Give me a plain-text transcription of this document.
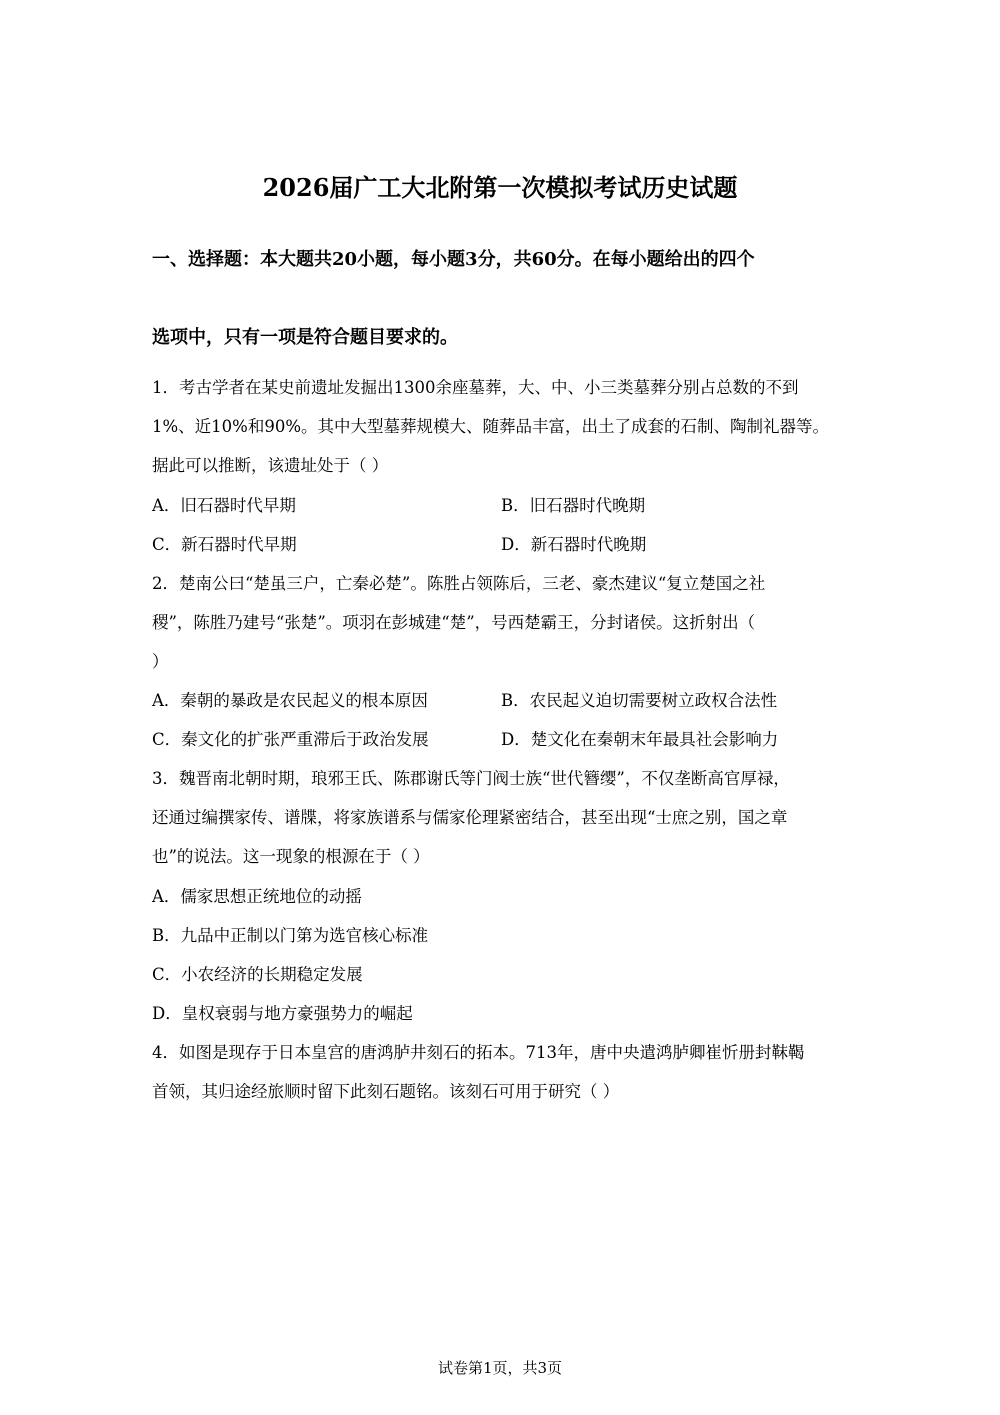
2026届广工大北附第一次模拟考试历史试题
一、选择题：本大题共20小题，每小题3分，共60分。在每小题给出的四个
选项中，只有一项是符合题目要求的。
1．考古学者在某史前遗址发掘出1300余座墓葬，大、中、小三类墓葬分别占总数的不到
1%、近10%和90%。其中大型墓葬规模大、随葬品丰富，出土了成套的石制、陶制礼器等。
据此可以推断，该遗址处于（ ）
A．旧石器时代早期	B．旧石器时代晚期
C．新石器时代早期	D．新石器时代晚期
2．楚南公曰“楚虽三户，亡秦必楚”。陈胜占领陈后，三老、豪杰建议“复立楚国之社
稷”，陈胜乃建号“张楚”。项羽在彭城建“楚”，号西楚霸王，分封诸侯。这折射出（
）
A．秦朝的暴政是农民起义的根本原因	B．农民起义迫切需要树立政权合法性
C．秦文化的扩张严重滞后于政治发展	D．楚文化在秦朝末年最具社会影响力
3．魏晋南北朝时期，琅邪王氏、陈郡谢氏等门阀士族“世代簪缨”，不仅垄断高官厚禄，
还通过编撰家传、谱牒，将家族谱系与儒家伦理紧密结合，甚至出现“士庶之别，国之章
也”的说法。这一现象的根源在于（ ）
A．儒家思想正统地位的动摇
B．九品中正制以门第为选官核心标准
C．小农经济的长期稳定发展
D．皇权衰弱与地方豪强势力的崛起
4．如图是现存于日本皇宫的唐鸿胪井刻石的拓本。713年，唐中央遣鸿胪卿崔忻册封靺鞨
首领，其归途经旅顺时留下此刻石题铭。该刻石可用于研究（ ）
试卷第1页，共3页
